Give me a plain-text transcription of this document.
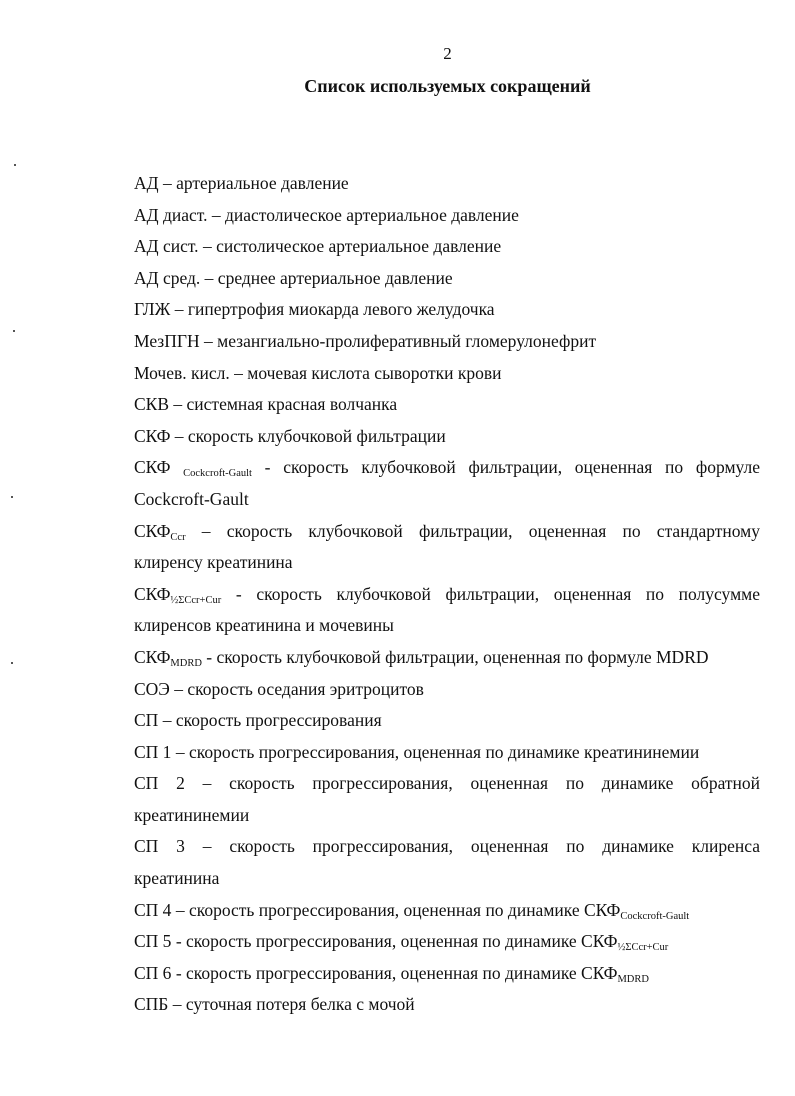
2
Список используемых сокращений
АД – артериальное давление
АД диаст. – диастолическое артериальное давление
АД сист. – систолическое артериальное давление
АД сред. – среднее артериальное давление
ГЛЖ – гипертрофия миокарда левого желудочка
МезПГН – мезангиально-пролиферативный гломерулонефрит
Мочев. кисл. – мочевая кислота сыворотки крови
СКВ – системная красная волчанка
СКФ – скорость клубочковой фильтрации
СКФ $_{Cockcroft-Gault}$ - скорость клубочковой фильтрации, оцененная по формуле
Cockcroft-Gault
$СКФ_{Ccr}$ – скорость клубочковой фильтрации, оцененная по стандартному
клиренсу креатинина
$СКФ_{\frac{1}{2}\Sigma Ccr+Cur}$ - скорость клубочковой фильтрации, оцененная по полусумме
клиренсов креатинина и мочевины
$СКФ_{MDRD}$ - скорость клубочковой фильтрации, оцененная по формуле MDRD
СОЭ – скорость оседания эритроцитов
СП – скорость прогрессирования
СП 1 – скорость прогрессирования, оцененная по динамике креатининемии
СП 2 – скорость прогрессирования, оцененная по динамике обратной
креатининемии
СП 3 – скорость прогрессирования, оцененная по динамике клиренса
креатинина
СП 4 – скорость прогрессирования, оцененная по динамике $СКФ_{Cockcroft-Gault}$
СП 5 - скорость прогрессирования, оцененная по динамике $СКФ_{\frac{1}{2}\Sigma Ccr+Cur}$
СП 6 - скорость прогрессирования, оцененная по динамике $СКФ_{MDRD}$
СПБ – суточная потеря белка с мочой
